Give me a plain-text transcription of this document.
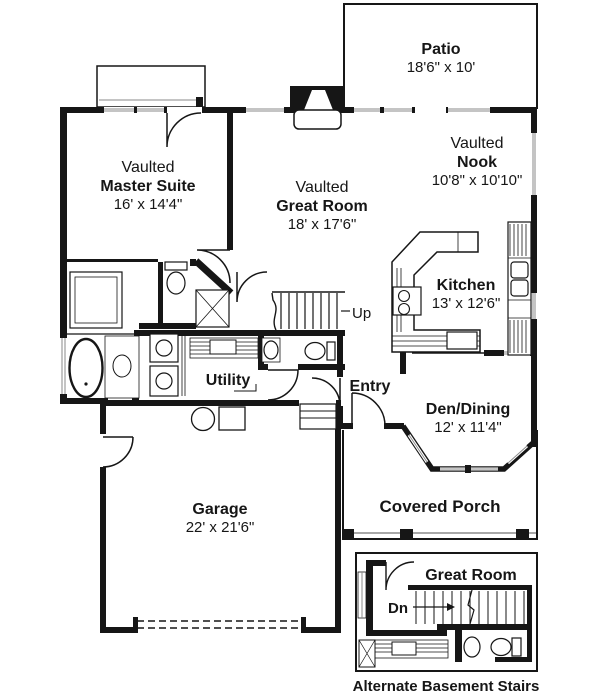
Patio
18'6" x 10'
Vaulted
Master Suite
16' x 14'4"
Vaulted
Great Room
18' x 17'6"
Vaulted
Nook
10'8" x 10'10"
Kitchen
13' x 12'6"
Den/Dining
12' x 11'4"
Garage
22' x 21'6"
Covered Porch
Utility	Entry
Up
Great Room
Dn
Alternate Basement Stairs
